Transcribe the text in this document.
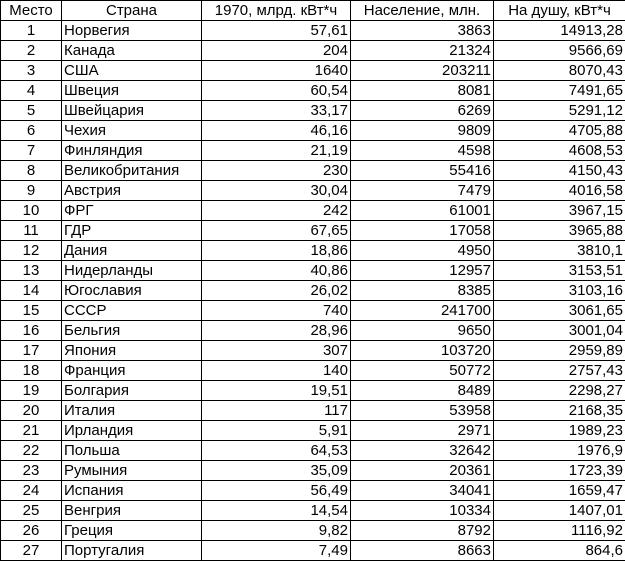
Место	Страна	1970, млрд. кВт*ч	Население, млн.	На душу, кВт*ч
1	Норвегия	57,61	3863	14913,28
2	Канада	204	21324	9566,69
3	США	1640	203211	8070,43
4	Швеция	60,54	8081	7491,65
5	Швейцария	33,17	6269	5291,12
6	Чехия	46,16	9809	4705,88
7	Финляндия	21,19	4598	4608,53
8	Великобритания	230	55416	4150,43
9	Австрия	30,04	7479	4016,58
10	ФРГ	242	61001	3967,15
11	ГДР	67,65	17058	3965,88
12	Дания	18,86	4950	3810,1
13	Нидерланды	40,86	12957	3153,51
14	Югославия	26,02	8385	3103,16
15	СССР	740	241700	3061,65
16	Бельгия	28,96	9650	3001,04
17	Япония	307	103720	2959,89
18	Франция	140	50772	2757,43
19	Болгария	19,51	8489	2298,27
20	Италия	117	53958	2168,35
21	Ирландия	5,91	2971	1989,23
22	Польша	64,53	32642	1976,9
23	Румыния	35,09	20361	1723,39
24	Испания	56,49	34041	1659,47
25	Венгрия	14,54	10334	1407,01
26	Греция	9,82	8792	1116,92
27	Португалия	7,49	8663	864,6
